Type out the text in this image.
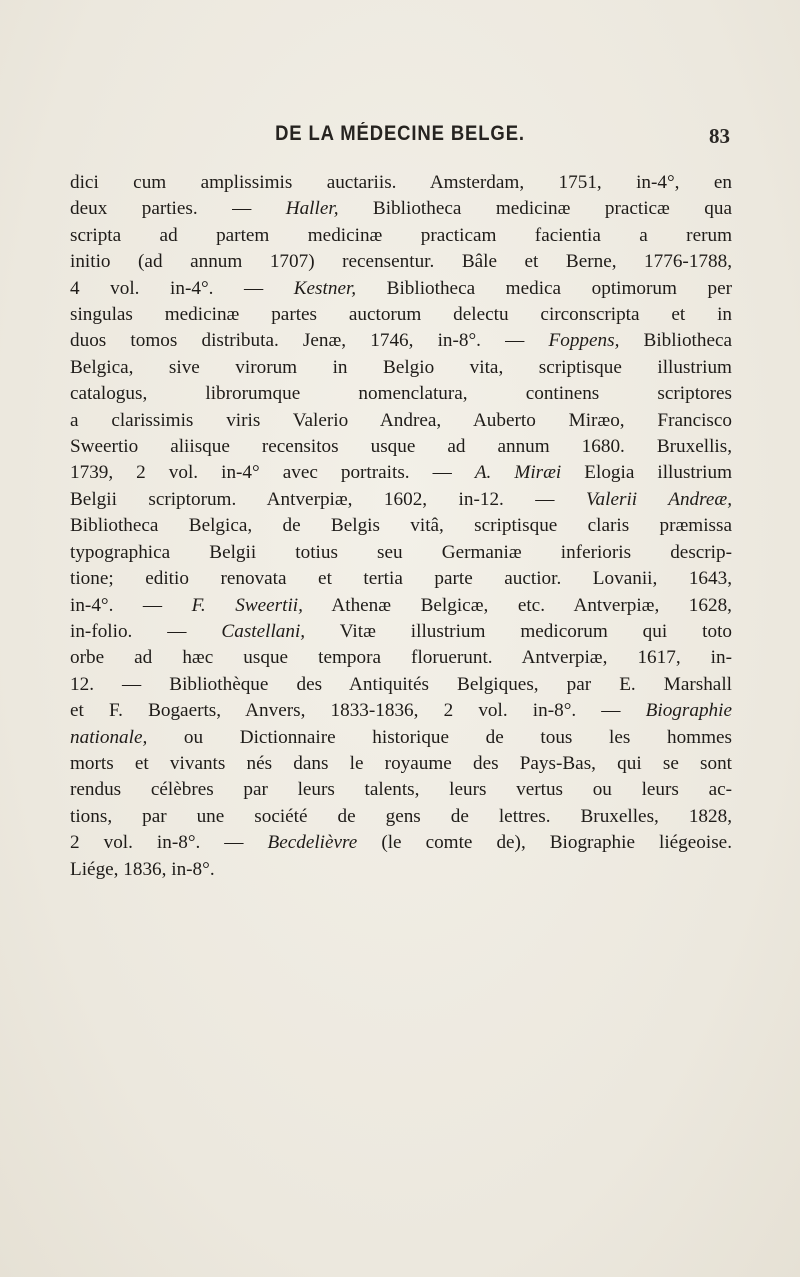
DE LA MÉDECINE BELGE.	83
dici cum amplissimis auctariis. Amsterdam, 1751, in-4°, en
deux parties. — Haller, Bibliotheca medicinæ practicæ qua
scripta ad partem medicinæ practicam facientia a rerum
initio (ad annum 1707) recensentur. Bâle et Berne, 1776-1788,
4 vol. in-4°. — Kestner, Bibliotheca medica optimorum per
singulas medicinæ partes auctorum delectu circonscripta et in
duos tomos distributa. Jenæ, 1746, in-8°. — Foppens, Bibliotheca
Belgica, sive virorum in Belgio vita, scriptisque illustrium
catalogus, librorumque nomenclatura, continens scriptores
a clarissimis viris Valerio Andrea, Auberto Miræo, Francisco
Sweertio aliisque recensitos usque ad annum 1680. Bruxellis,
1739, 2 vol. in-4° avec portraits. — A. Miræi Elogia illustrium
Belgii scriptorum. Antverpiæ, 1602, in-12. — Valerii Andreæ,
Bibliotheca Belgica, de Belgis vitâ, scriptisque claris præmissa
typographica Belgii totius seu Germaniæ inferioris descrip-
tione; editio renovata et tertia parte auctior. Lovanii, 1643,
in-4°. — F. Sweertii, Athenæ Belgicæ, etc. Antverpiæ, 1628,
in-folio. — Castellani, Vitæ illustrium medicorum qui toto
orbe ad hæc usque tempora floruerunt. Antverpiæ, 1617, in-
12. — Bibliothèque des Antiquités Belgiques, par E. Marshall
et F. Bogaerts, Anvers, 1833-1836, 2 vol. in-8°. — Biographie
nationale, ou Dictionnaire historique de tous les hommes
morts et vivants nés dans le royaume des Pays-Bas, qui se sont
rendus célèbres par leurs talents, leurs vertus ou leurs ac-
tions, par une société de gens de lettres. Bruxelles, 1828,
2 vol. in-8°. — Becdelièvre (le comte de), Biographie liégeoise.
Liége, 1836, in-8°.
